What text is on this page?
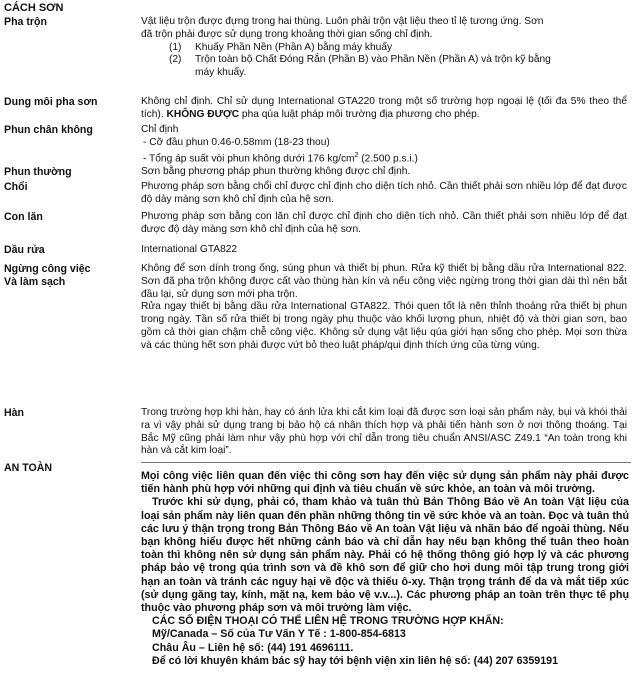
CÁCH SƠN
Pha trộn	Vật liệu trộn được đựng trong hai thùng. Luôn phải trộn vật liệu theo tỉ lệ tương ứng. Sơn

đã trộn phải được sử dụng trong khoảng thời gian sống chỉ định.

(1) Khuấy Phần Nền (Phần A) bằng máy khuấy

(2) Trộn toàn bộ Chất Đóng Rắn (Phần B) vào Phần Nền (Phần A) và trộn kỹ bằng

máy khuấy.

Dung môi pha sơn	Không chỉ định. Chỉ sử dụng International GTA220 trong một số trường hợp ngoại lệ (tối đa 5% theo thể tích). KHÔNG ĐƯỢC pha qúa luật pháp môi trường địa phương cho phép.

Phun chân không	Chỉ định

- Cỡ đầu phun 0.46-0.58mm (18-23 thou)

- Tổng áp suất vòi phun không dưới 176 $kg/cm^2$ (2.500 p.s.i.)

Phun thường	Sơn bằng phương pháp phun thường không được chỉ định.

Chổi	Phương pháp sơn bằng chổi chỉ được chỉ định cho diện tích nhỏ. Cần thiết phải sơn nhiều lớp để đạt được độ dày màng sơn khô chỉ định của hệ sơn.

Con lăn	Phương pháp sơn bằng con lăn chỉ được chỉ định cho diện tích nhỏ. Cần thiết phải sơn nhiều lớp để đạt được độ dày màng sơn khô chỉ định của hệ sơn.

Dầu rửa	International GTA822

Ngừng công việc
Và làm sạch

Không để sơn dính trong ống, súng phun và thiết bị phun. Rửa kỹ thiết bị bằng dầu rửa International 822. Sơn đã pha trộn không được cất vào thùng hàn kín và nếu công việc ngừng trong thời gian dài thì nên bắt đầu lại, sử dụng sơn mới pha trộn.

Rửa ngay thiết bị bằng dầu rửa International GTA822. Thói quen tốt là nên thỉnh thoảng rửa thiết bị phun trong ngày. Tần số rửa thiết bị trong ngày phụ thuộc vào khối lượng phun, nhiệt độ và thời gian sơn, bao gồm cả thời gian chậm chễ công việc. Không sử dụng vật liệu qúa giới hạn sống cho phép. Mọi sơn thừa và các thùng hết sơn phải được vứt bỏ theo luật pháp/qui định thích ứng của từng vùng.

Hàn	Trong trường hợp khi hàn, hay có ánh lửa khi cắt kim loại đã được sơn loại sản phẩm này, bụi và khói thải ra vì vậy phải sử dụng trang bị bảo hộ cá nhân thích hợp và phải tiến hành sơn ở nơi thông thoáng. Tại Bắc Mỹ cũng phải làm như vậy phù hợp với chỉ dẫn trong tiêu chuẩn ANSI/ASC Z49.1 “An toàn trong khi hàn và cắt kim loại”.

AN TOÀN

Mọi công việc liên quan đến việc thi công sơn hay đến việc sử dụng sản phẩm này phải được tiến hành phù hợp với những qui định và tiêu chuẩn về sức khỏe, an toàn và môi trường.

Trước khi sử dụng, phải có, tham khảo và tuân thủ Bản Thông Báo về An toàn Vật liệu của loại sản phẩm này liên quan đến phần những thông tin về sức khỏe và an toàn. Đọc và tuân thủ các lưu ý thận trọng trong Bản Thông Báo về An toàn Vật liệu và nhãn báo để ngoài thùng. Nếu bạn không hiểu được hết những cảnh báo và chỉ dẫn hay nếu bạn không thể tuân theo hoàn toàn thì không nên sử dụng sản phẩm này. Phải có hệ thống thông gió hợp lý và các phương pháp bảo vệ trong qúa trình sơn và đề khô sơn để giữ cho hơi dung môi tập trung trong giới hạn an toàn và tránh các nguy hại về độc và thiếu ô-xy. Thận trọng tránh để da và mắt tiếp xúc (sử dụng găng tay, kính, mặt nạ, kem bảo vệ v.v...). Các phương pháp an toàn trên thực tế phụ thuộc vào phương pháp sơn và môi trường làm việc.

CÁC SỐ ĐIỆN THOẠI CÓ THỂ LIÊN HỆ TRONG TRƯỜNG HỢP KHẨN:

Mỹ/Canada – Số của Tư Vấn Y Tế : 1-800-854-6813

Châu Âu – Liên hệ số: (44) 191 4696111.

Để có lời khuyên khám bác sỹ hay tới bệnh viện xin liên hệ số: (44) 207 6359191
